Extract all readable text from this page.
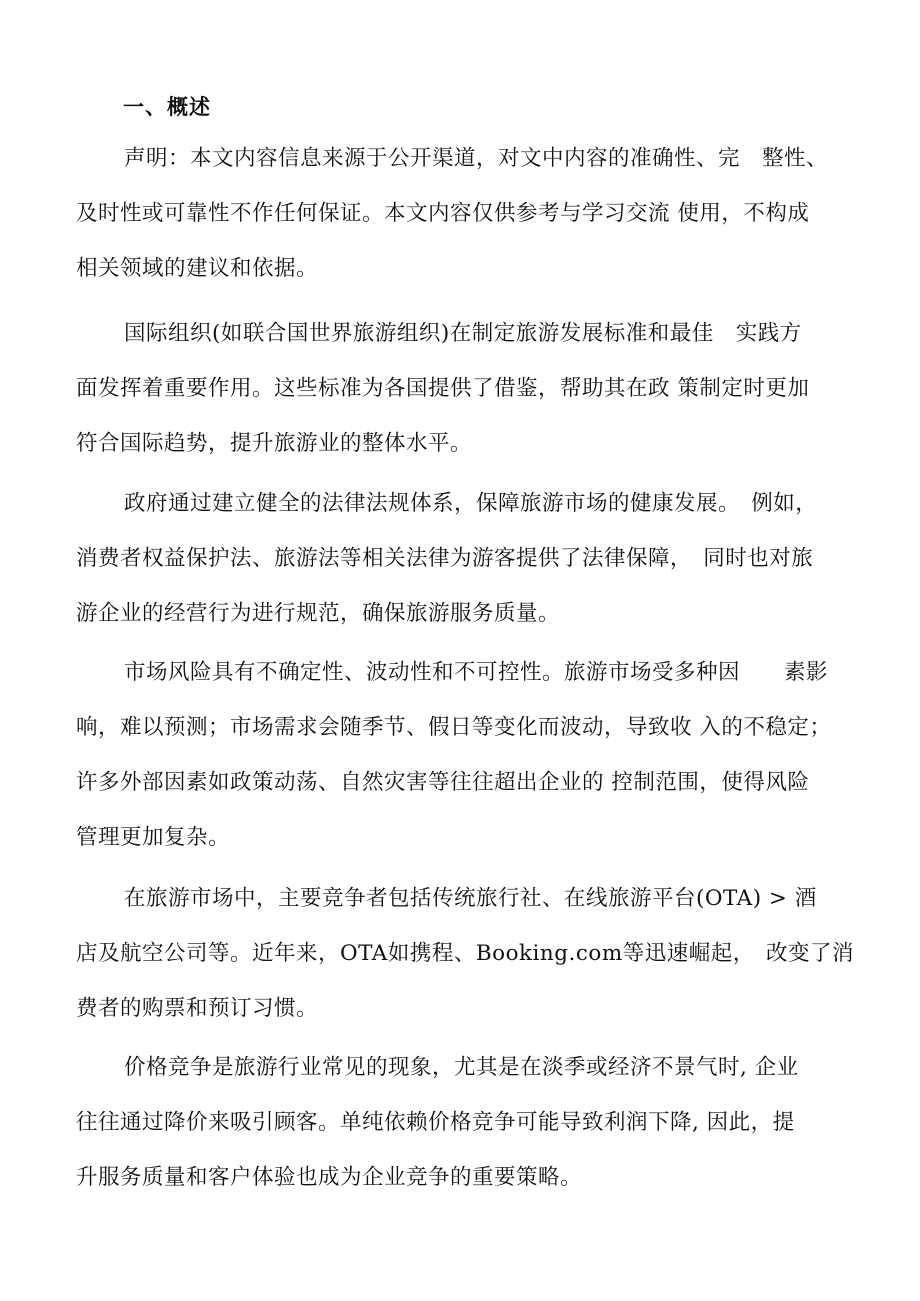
一、概述
声明：本文内容信息来源于公开渠道，对文中内容的准确性、完　整性、
及时性或可靠性不作任何保证。本文内容仅供参考与学习交流 使用，不构成
相关领域的建议和依据。
国际组织(如联合国世界旅游组织)在制定旅游发展标准和最佳　实践方
面发挥着重要作用。这些标准为各国提供了借鉴，帮助其在政 策制定时更加
符合国际趋势，提升旅游业的整体水平。
政府通过建立健全的法律法规体系，保障旅游市场的健康发展。　例如，
消费者权益保护法、旅游法等相关法律为游客提供了法律保障，　同时也对旅
游企业的经营行为进行规范，确保旅游服务质量。
市场风险具有不确定性、波动性和不可控性。旅游市场受多种因　　素影
响，难以预测；市场需求会随季节、假日等变化而波动，导致收 入的不稳定；
许多外部因素如政策动荡、自然灾害等往往超出企业的 控制范围，使得风险
管理更加复杂。
在旅游市场中，主要竞争者包括传统旅行社、在线旅游平台(OTA) > 酒
店及航空公司等。近年来，OTA如携程、Booking.com等迅速崛起，　改变了消
费者的购票和预订习惯。
价格竞争是旅游行业常见的现象，尤其是在淡季或经济不景气时, 企业
往往通过降价来吸引顾客。单纯依赖价格竞争可能导致利润下降, 因此，提
升服务质量和客户体验也成为企业竞争的重要策略。
